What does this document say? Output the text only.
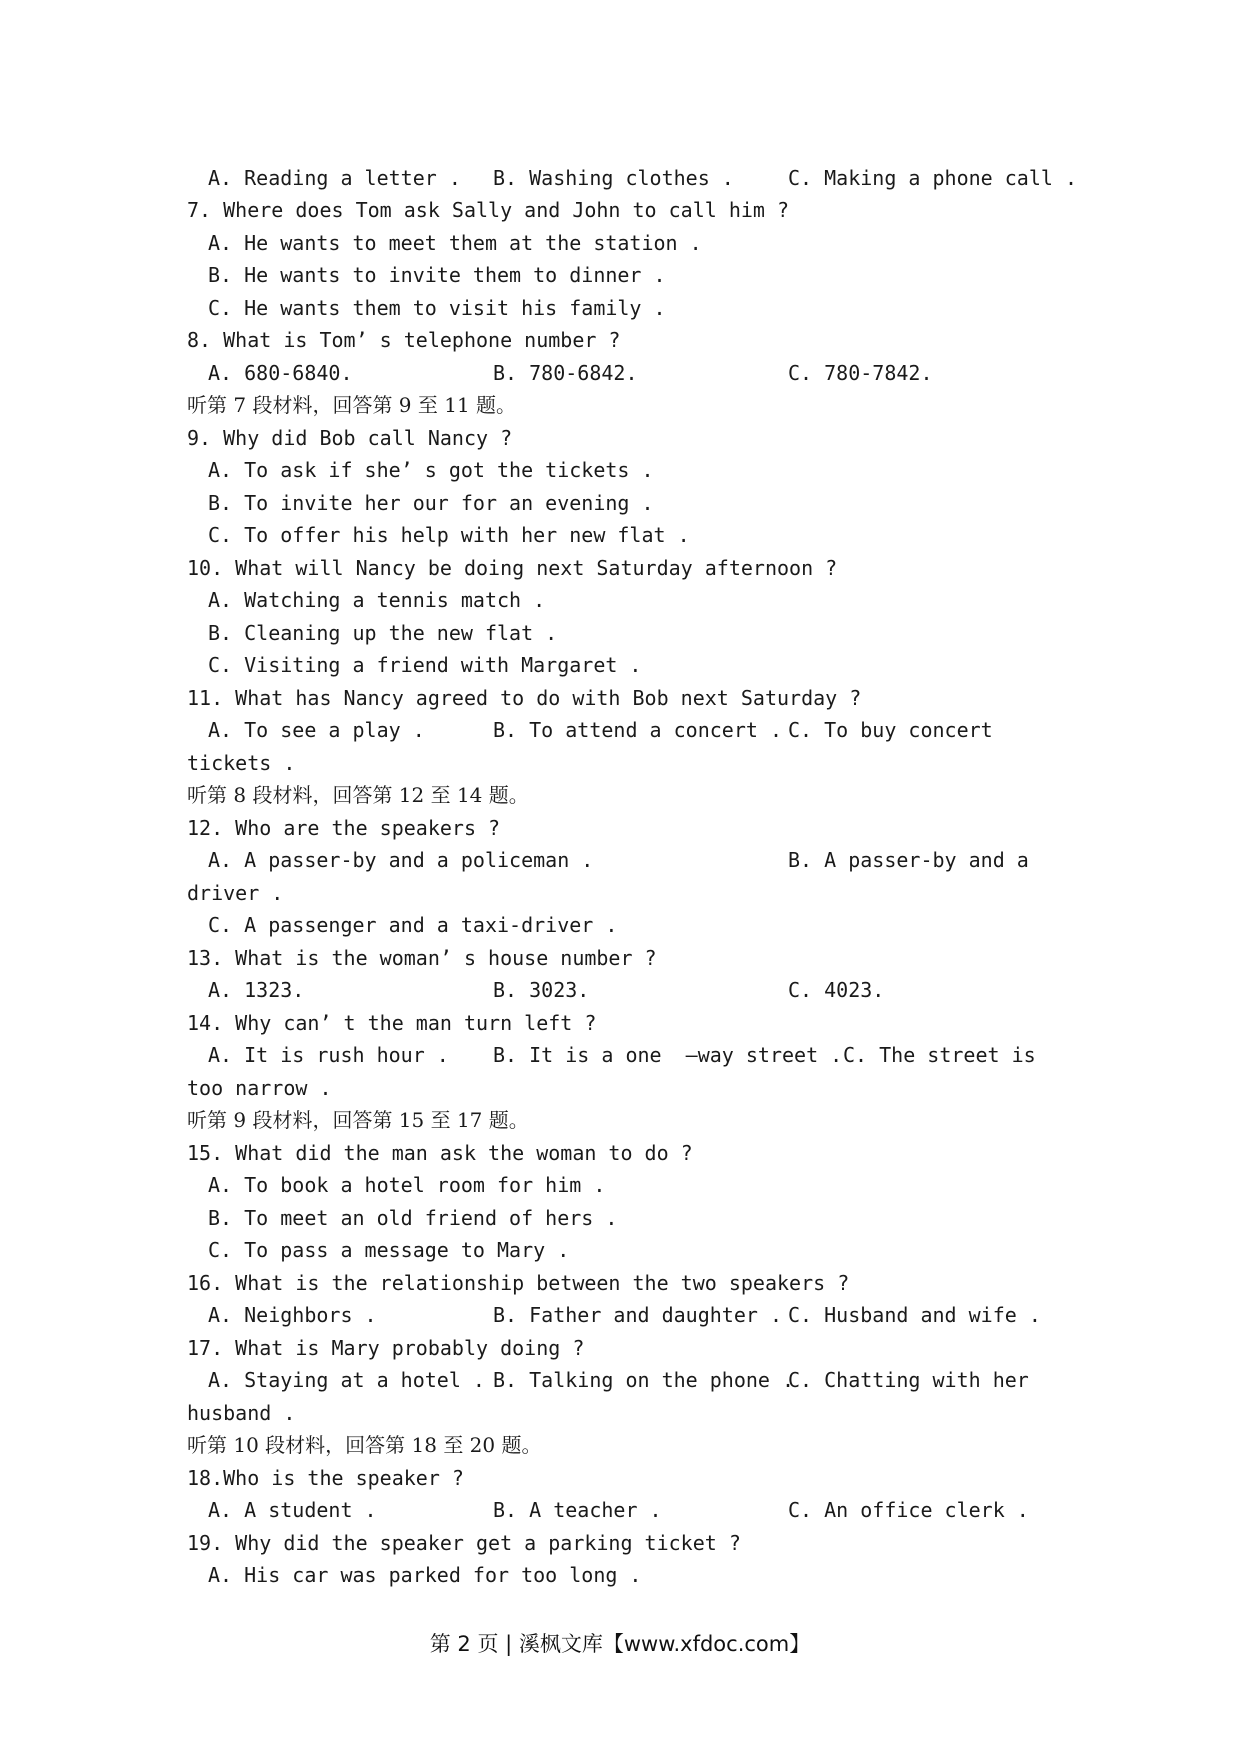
A. Reading a letter . B. Washing clothes .	C. Making a phone call .
7. Where does Tom ask Sally and John to call him ?
A. He wants to meet them at the station .
B. He wants to invite them to dinner .
C. He wants them to visit his family .
8. What is Tom’ s telephone number ?
A. 680-6840.	B. 780-6842.	C. 780-7842.
听第 7 段材料，回答第 9 至 11 题。
9. Why did Bob call Nancy ?
A. To ask if she’ s got the tickets .
B. To invite her our for an evening .
C. To offer his help with her new flat .
10. What will Nancy be doing next Saturday afternoon ?
A. Watching a tennis match .
B. Cleaning up the new flat .
C. Visiting a friend with Margaret .
11. What has Nancy agreed to do with Bob next Saturday ?
A. To see a play .	B. To attend a concert . C. To buy concert
tickets .
听第 8 段材料，回答第 12 至 14 题。
12. Who are the speakers ?
A. A passer-by and a policeman .	B. A passer-by and a
driver .
C. A passenger and a taxi-driver .
13. What is the woman’ s house number ?
A. 1323.	B. 3023.	C. 4023.
14. Why can’ t the man turn left ?
A. It is rush hour . B. It is a one  –way street . C. The street is
too narrow .
听第 9 段材料，回答第 15 至 17 题。
15. What did the man ask the woman to do ?
A. To book a hotel room for him .
B. To meet an old friend of hers .
C. To pass a message to Mary .
16. What is the relationship between the two speakers ?
A. Neighbors .	B. Father and daughter . C. Husband and wife .
17. What is Mary probably doing ?
A. Staying at a hotel . B. Talking on the phone .
C. Chatting with her
husband .
听第 10 段材料，回答第 18 至 20 题。
18.Who is the speaker ?
A. A student .	B. A teacher .	C. An office clerk .
19. Why did the speaker get a parking ticket ?
A. His car was parked for too long .
第 2 页 | 溪枫文库【www.xfdoc.com】
